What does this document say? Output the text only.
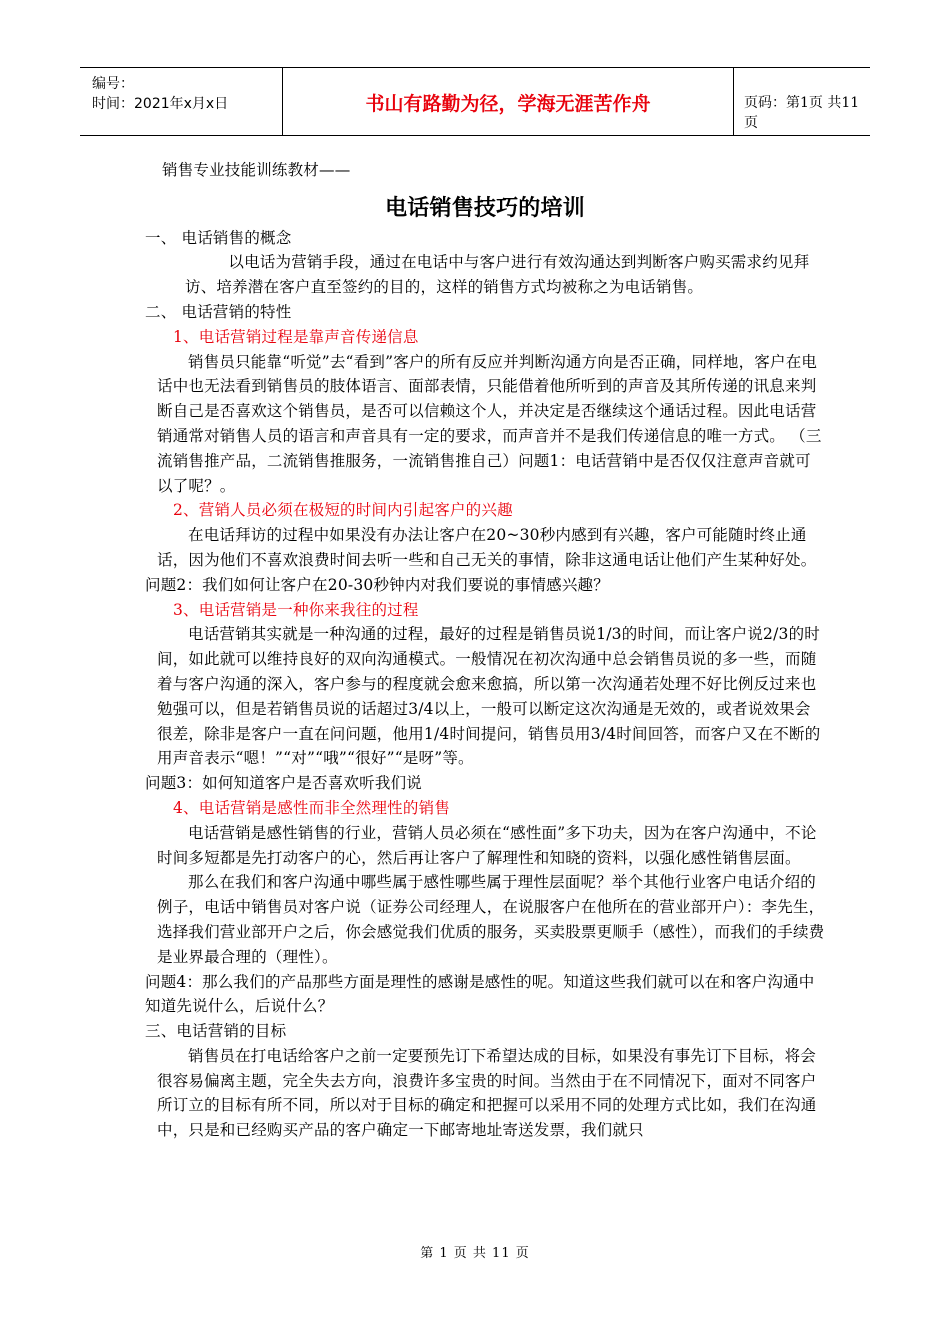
编号：
时间：2021年x月x日	书山有路勤为径，学海无涯苦作舟	页码：第1页 共11页
销售专业技能训练教材——
电话销售技巧的培训
一、 电话销售的概念
以电话为营销手段，通过在电话中与客户进行有效沟通达到判断客户购买需求约见拜访、培养潜在客户直至签约的目的，这样的销售方式均被称之为电话销售。
二、 电话营销的特性
1、电话营销过程是靠声音传递信息
销售员只能靠“听觉”去“看到”客户的所有反应并判断沟通方向是否正确，同样地，客户在电话中也无法看到销售员的肢体语言、面部表情，只能借着他所听到的声音及其所传递的讯息来判断自己是否喜欢这个销售员，是否可以信赖这个人，并决定是否继续这个通话过程。因此电话营销通常对销售人员的语言和声音具有一定的要求，而声音并不是我们传递信息的唯一方式。 （三流销售推产品，二流销售推服务，一流销售推自己）问题1：电话营销中是否仅仅注意声音就可以了呢？。
2、营销人员必须在极短的时间内引起客户的兴趣
在电话拜访的过程中如果没有办法让客户在20~30秒内感到有兴趣，客户可能随时终止通话，因为他们不喜欢浪费时间去听一些和自己无关的事情，除非这通电话让他们产生某种好处。
问题2：我们如何让客户在20-30秒钟内对我们要说的事情感兴趣？
3、电话营销是一种你来我往的过程
电话营销其实就是一种沟通的过程，最好的过程是销售员说1/3的时间，而让客户说2/3的时间，如此就可以维持良好的双向沟通模式。一般情况在初次沟通中总会销售员说的多一些，而随着与客户沟通的深入，客户参与的程度就会愈来愈搞，所以第一次沟通若处理不好比例反过来也勉强可以，但是若销售员说的话超过3/4以上，一般可以断定这次沟通是无效的，或者说效果会很差，除非是客户一直在问问题，他用1/4时间提问，销售员用3/4时间回答，而客户又在不断的用声音表示“嗯！”“对”“哦”“很好”“是呀”等。
问题3：如何知道客户是否喜欢听我们说
4、电话营销是感性而非全然理性的销售
电话营销是感性销售的行业，营销人员必须在“感性面”多下功夫，因为在客户沟通中，不论时间多短都是先打动客户的心，然后再让客户了解理性和知晓的资料，以强化感性销售层面。
那么在我们和客户沟通中哪些属于感性哪些属于理性层面呢？举个其他行业客户电话介绍的例子，电话中销售员对客户说（证券公司经理人，在说服客户在他所在的营业部开户）：李先生，选择我们营业部开户之后，你会感觉我们优质的服务，买卖股票更顺手（感性），而我们的手续费是业界最合理的（理性）。
问题4：那么我们的产品那些方面是理性的感谢是感性的呢。知道这些我们就可以在和客户沟通中知道先说什么，后说什么？
三、电话营销的目标
销售员在打电话给客户之前一定要预先订下希望达成的目标，如果没有事先订下目标，将会很容易偏离主题，完全失去方向，浪费许多宝贵的时间。当然由于在不同情况下，面对不同客户所订立的目标有所不同，所以对于目标的确定和把握可以采用不同的处理方式比如，我们在沟通中，只是和已经购买产品的客户确定一下邮寄地址寄送发票，我们就只
第 1 页 共 11 页
